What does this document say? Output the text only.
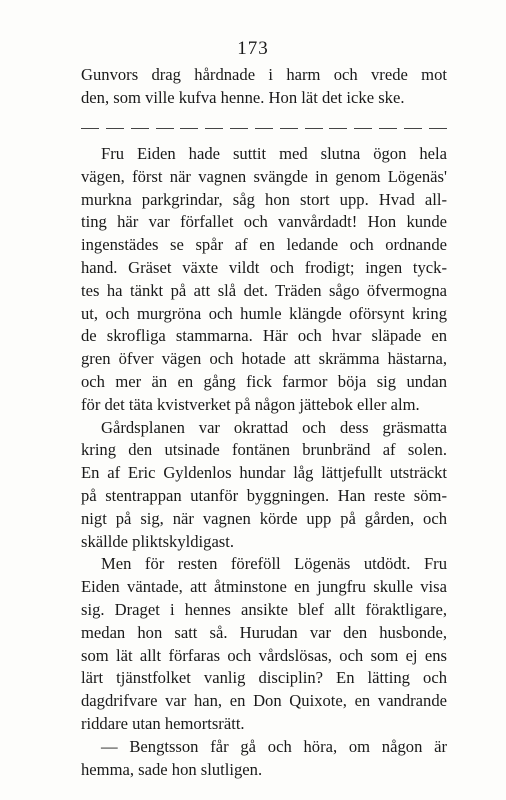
173
Gunvors drag hårdnade i harm och vrede mot
den, som ville kufva henne. Hon lät det icke ske.
Fru Eiden hade suttit med slutna ögon hela
vägen, först när vagnen svängde in genom Lögenäs'
murkna parkgrindar, såg hon stort upp. Hvad all-
ting här var förfallet och vanvårdadt! Hon kunde
ingenstädes se spår af en ledande och ordnande
hand. Gräset växte vildt och frodigt; ingen tyck-
tes ha tänkt på att slå det. Träden sågo öfvermogna
ut, och murgröna och humle klängde oförsynt kring
de skrofliga stammarna. Här och hvar släpade en
gren öfver vägen och hotade att skrämma hästarna,
och mer än en gång fick farmor böja sig undan
för det täta kvistverket på någon jättebok eller alm.
Gårdsplanen var okrattad och dess gräsmatta
kring den utsinade fontänen brunbränd af solen.
En af Eric Gyldenlos hundar låg lättjefullt utsträckt
på stentrappan utanför byggningen. Han reste söm-
nigt på sig, när vagnen körde upp på gården, och
skällde pliktskyldigast.
Men för resten föreföll Lögenäs utdödt. Fru
Eiden väntade, att åtminstone en jungfru skulle visa
sig. Draget i hennes ansikte blef allt föraktligare,
medan hon satt så. Hurudan var den husbonde,
som lät allt förfaras och vårdslösas, och som ej ens
lärt tjänstfolket vanlig disciplin? En lätting och
dagdrifvare var han, en Don Quixote, en vandrande
riddare utan hemortsrätt.
— Bengtsson får gå och höra, om någon är
hemma, sade hon slutligen.
